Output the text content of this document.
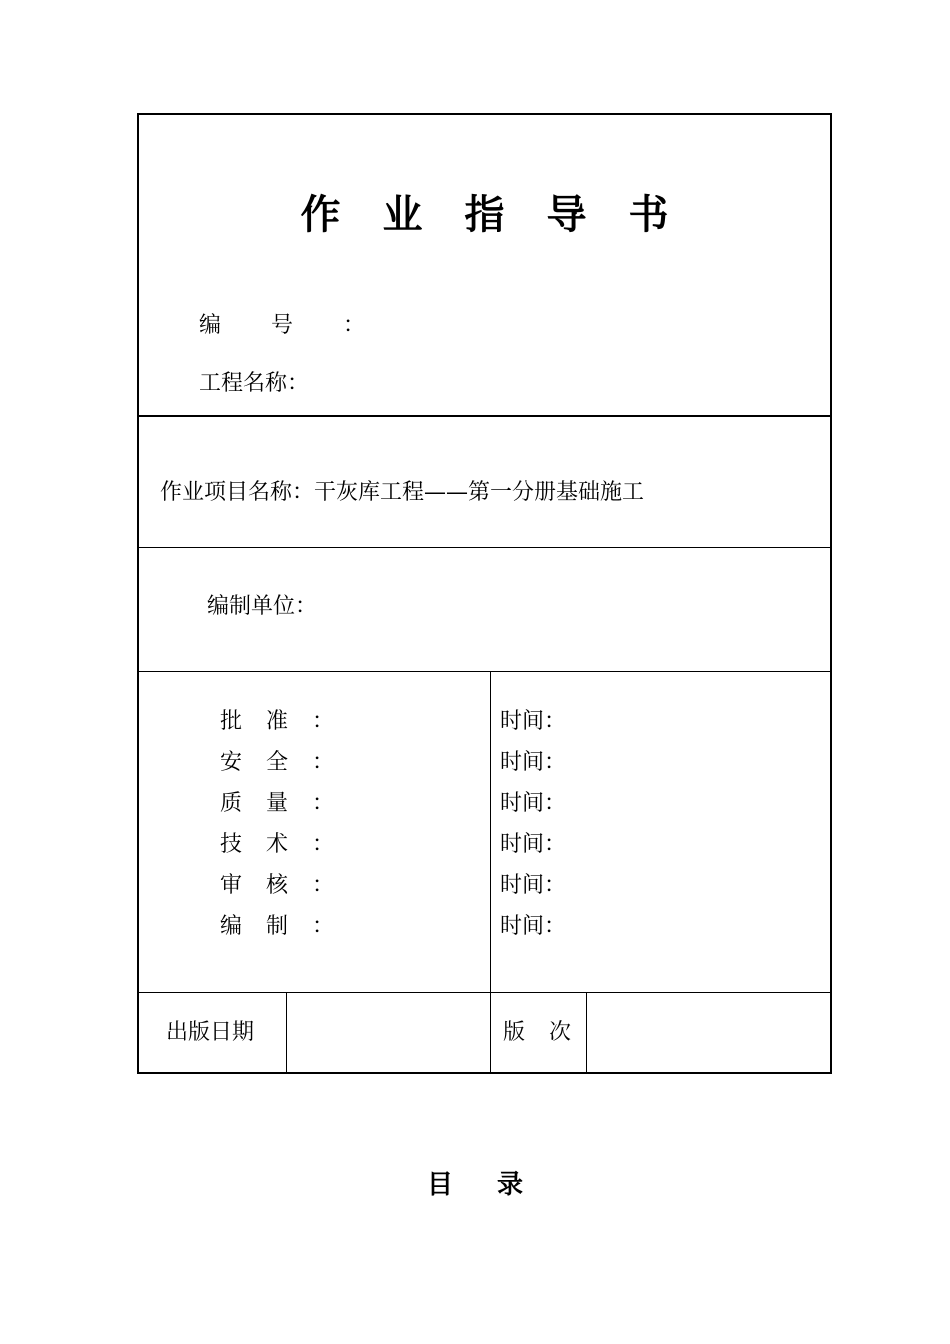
作业指导书
编号：
工程名称：
作业项目名称：干灰库工程——第一分册基础施工
编制单位：
批准：	时间：
安全：	时间：
质量：	时间：
技术：	时间：
审核：	时间：
编制：	时间：
出版日期	版次
目录
